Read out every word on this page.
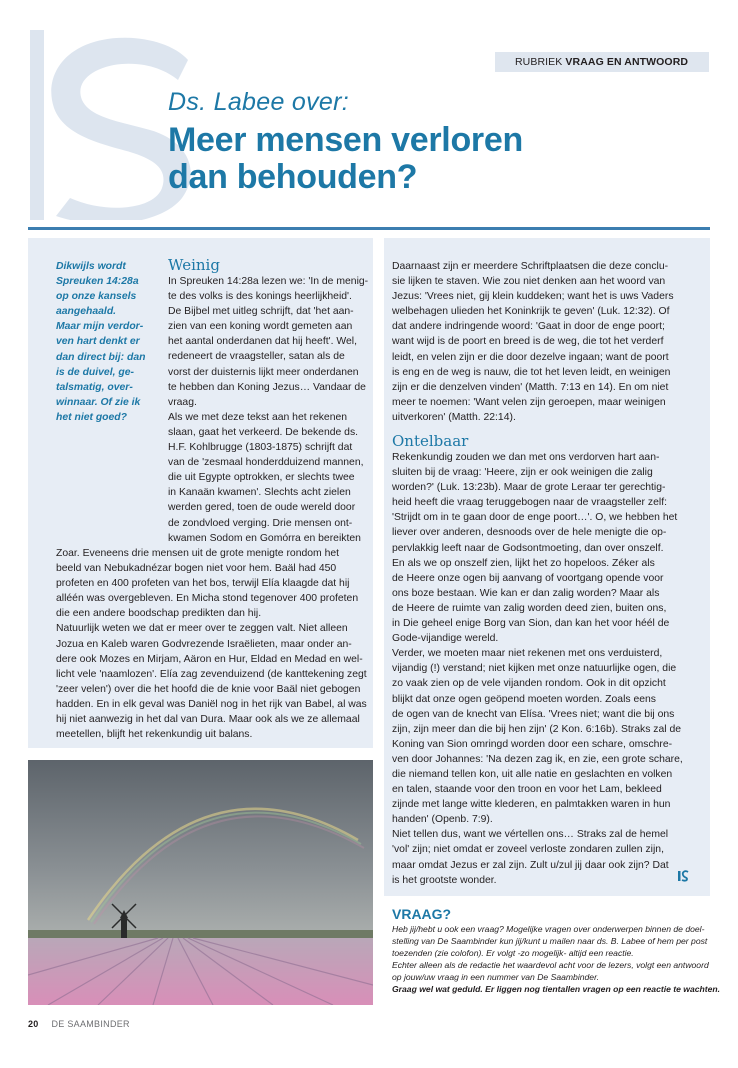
RUBRIEK VRAAG EN ANTWOORD
Ds. Labee over:
Meer mensen verloren
dan behouden?
Dikwijls wordt
Spreuken 14:28a
op onze kansels
aangehaald.
Maar mijn verdor-
ven hart denkt er
dan direct bij: dan
is de duivel, ge-
talsmatig, over-
winnaar. Of zie ik
het niet goed?
Weinig
In Spreuken 14:28a lezen we: 'In de menig-
te des volks is des konings heerlijkheid'.
De Bijbel met uitleg schrijft, dat 'het aan-
zien van een koning wordt gemeten aan
het aantal onderdanen dat hij heeft'. Wel,
redeneert de vraagsteller, satan als de
vorst der duisternis lijkt meer onderdanen
te hebben dan Koning Jezus… Vandaar de
vraag.
Als we met deze tekst aan het rekenen
slaan, gaat het verkeerd. De bekende ds.
H.F. Kohlbrugge (1803-1875) schrijft dat
van de 'zesmaal honderdduizend mannen,
die uit Egypte optrokken, er slechts twee
in Kanaän kwamen'. Slechts acht zielen
werden gered, toen de oude wereld door
de zondvloed verging. Drie mensen ont-
kwamen Sodom en Gomórra en bereikten
Zoar. Eveneens drie mensen uit de grote menigte rondom het
beeld van Nebukadnézar bogen niet voor hem. Baäl had 450
profeten en 400 profeten van het bos, terwijl Elía klaagde dat hij
alléén was overgebleven. En Micha stond tegenover 400 profeten
die een andere boodschap predikten dan hij.
Natuurlijk weten we dat er meer over te zeggen valt. Niet alleen
Jozua en Kaleb waren Godvrezende Israëlieten, maar onder an-
dere ook Mozes en Mirjam, Aäron en Hur, Eldad en Medad en wel-
licht vele 'naamlozen'. Elía zag zevenduizend (de kanttekening zegt
'zeer velen') over die het hoofd die de knie voor Baäl niet gebogen
hadden. En in elk geval was Daniël nog in het rijk van Babel, al was
hij niet aanwezig in het dal van Dura. Maar ook als we ze allemaal
meetellen, blijft het rekenkundig uit balans.
Daarnaast zijn er meerdere Schriftplaatsen die deze conclu-
sie lijken te staven. Wie zou niet denken aan het woord van
Jezus: 'Vrees niet, gij klein kuddeken; want het is uws Vaders
welbehagen ulieden het Koninkrijk te geven' (Luk. 12:32). Of
dat andere indringende woord: 'Gaat in door de enge poort;
want wijd is de poort en breed is de weg, die tot het verderf
leidt, en velen zijn er die door dezelve ingaan; want de poort
is eng en de weg is nauw, die tot het leven leidt, en weinigen
zijn er die denzelven vinden' (Matth. 7:13 en 14). En om niet
meer te noemen: 'Want velen zijn geroepen, maar weinigen
uitverkoren' (Matth. 22:14).
Ontelbaar
Rekenkundig zouden we dan met ons verdorven hart aan-
sluiten bij de vraag: 'Heere, zijn er ook weinigen die zalig
worden?' (Luk. 13:23b). Maar de grote Leraar ter gerechtig-
heid heeft die vraag teruggebogen naar de vraagsteller zelf:
'Strijdt om in te gaan door de enge poort…'. O, we hebben het
liever over anderen, desnoods over de hele menigte die op-
pervlakkig leeft naar de Godsontmoeting, dan over onszelf.
En als we op onszelf zien, lijkt het zo hopeloos. Zéker als
de Heere onze ogen bij aanvang of voortgang opende voor
ons boze bestaan. Wie kan er dan zalig worden? Maar als
de Heere de ruimte van zalig worden deed zien, buiten ons,
in Die geheel enige Borg van Sion, dan kan het voor héél de
Gode-vijandige wereld.
Verder, we moeten maar niet rekenen met ons verduisterd,
vijandig (!) verstand; niet kijken met onze natuurlijke ogen, die
zo vaak zien op de vele vijanden rondom. Ook in dit opzicht
blijkt dat onze ogen geöpend moeten worden. Zoals eens
de ogen van de knecht van Elísa. 'Vrees niet; want die bij ons
zijn, zijn meer dan die bij hen zijn' (2 Kon. 6:16b). Straks zal de
Koning van Sion omringd worden door een schare, omschre-
ven door Johannes: 'Na dezen zag ik, en zie, een grote schare,
die niemand tellen kon, uit alle natie en geslachten en volken
en talen, staande voor den troon en voor het Lam, bekleed
zijnde met lange witte klederen, en palmtakken waren in hun
handen' (Openb. 7:9).
Niet tellen dus, want we vértellen ons… Straks zal de hemel
'vol' zijn; niet omdat er zoveel verloste zondaren zullen zijn,
maar omdat Jezus er zal zijn. Zult u/zul jij daar ook zijn? Dat
is het grootste wonder.
VRAAG?
Heb jij/hebt u ook een vraag? Mogelijke vragen over onderwerpen binnen de doel-
stelling van De Saambinder kun jij/kunt u mailen naar ds. B. Labee of hem per post
toezenden (zie colofon). Er volgt -zo mogelijk- altijd een reactie.
Echter alleen als de redactie het waardevol acht voor de lezers, volgt een antwoord
op jouw/uw vraag in een nummer van De Saambinder.
Graag wel wat geduld. Er liggen nog tientallen vragen op een reactie te wachten.
20 DE SAAMBINDER
